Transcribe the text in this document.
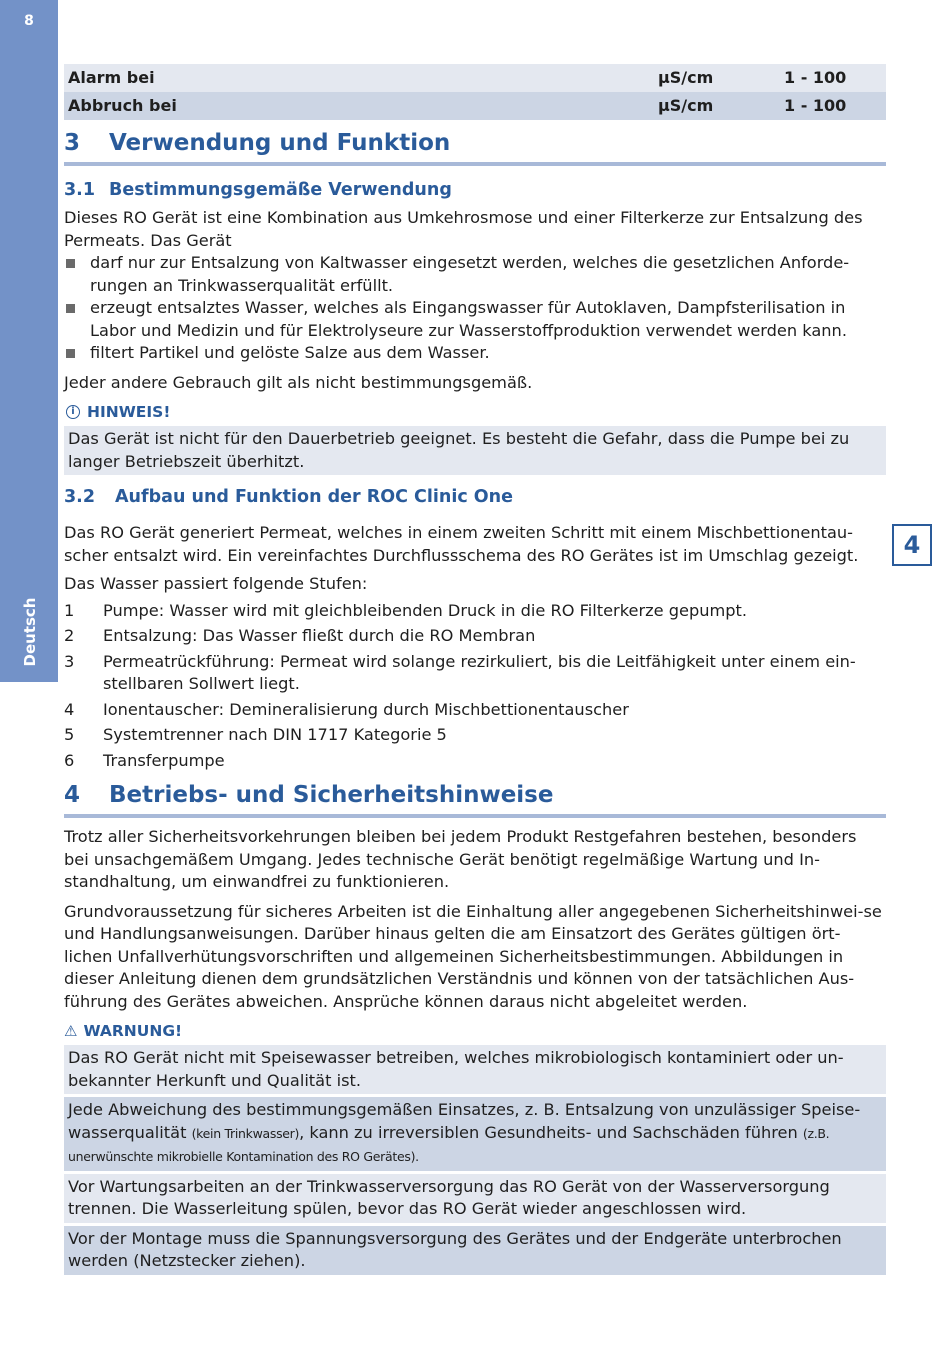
8
Deutsch
4
Alarm bei	µS/cm	1 - 100
Abbruch bei	µS/cm	1 - 100
3	Verwendung und Funktion
3.1 Bestimmungsgemäße Verwendung

Dieses RO Gerät ist eine Kombination aus Umkehrosmose und einer Filterkerze zur Entsalzung des Permeats. Das Gerät

darf nur zur Entsalzung von Kaltwasser eingesetzt werden, welches die gesetzlichen Anforde-rungen an Trinkwasserqualität erfüllt.
erzeugt entsalztes Wasser, welches als Eingangswasser für Autoklaven, Dampfsterilisation in Labor und Medizin und für Elektrolyseure zur Wasserstoffproduktion verwendet werden kann.
filtert Partikel und gelöste Salze aus dem Wasser.

Jeder andere Gebrauch gilt als nicht bestimmungsgemäß.

i HINWEIS!
Das Gerät ist nicht für den Dauerbetrieb geeignet. Es besteht die Gefahr, dass die Pumpe bei zu langer Betriebszeit überhitzt.
3.2	Aufbau und Funktion der ROC Clinic One

Das RO Gerät generiert Permeat, welches in einem zweiten Schritt mit einem Mischbettionentau-scher entsalzt wird. Ein vereinfachtes Durchflussschema des RO Gerätes ist im Umschlag gezeigt.

Das Wasser passiert folgende Stufen:

1	Pumpe: Wasser wird mit gleichbleibenden Druck in die RO Filterkerze gepumpt.
2	Entsalzung: Das Wasser fließt durch die RO Membran
3	Permeatrückführung: Permeat wird solange rezirkuliert, bis die Leitfähigkeit unter einem ein-stellbaren Sollwert liegt.
4	Ionentauscher: Demineralisierung durch Mischbettionentauscher
5	Systemtrenner nach DIN 1717 Kategorie 5
6	Transferpumpe
4	Betriebs- und Sicherheitshinweise

Trotz aller Sicherheitsvorkehrungen bleiben bei jedem Produkt Restgefahren bestehen, besonders bei unsachgemäßem Umgang. Jedes technische Gerät benötigt regelmäßige Wartung und In-standhaltung, um einwandfrei zu funktionieren.

Grundvoraussetzung für sicheres Arbeiten ist die Einhaltung aller angegebenen Sicherheitshinwei-se und Handlungsanweisungen. Darüber hinaus gelten die am Einsatzort des Gerätes gültigen ört-lichen Unfallverhütungsvorschriften und allgemeinen Sicherheitsbestimmungen. Abbildungen in dieser Anleitung dienen dem grundsätzlichen Verständnis und können von der tatsächlichen Aus-führung des Gerätes abweichen. Ansprüche können daraus nicht abgeleitet werden.

⚠ WARNUNG!
Das RO Gerät nicht mit Speisewasser betreiben, welches mikrobiologisch kontaminiert oder un-bekannter Herkunft und Qualität ist.
Jede Abweichung des bestimmungsgemäßen Einsatzes, z. B. Entsalzung von unzulässiger Speise-wasserqualität (kein Trinkwasser), kann zu irreversiblen Gesundheits- und Sachschäden führen (z.B. unerwünschte mikrobielle Kontamination des RO Gerätes).
Vor Wartungsarbeiten an der Trinkwasserversorgung das RO Gerät von der Wasserversorgung trennen. Die Wasserleitung spülen, bevor das RO Gerät wieder angeschlossen wird.
Vor der Montage muss die Spannungsversorgung des Gerätes und der Endgeräte unterbrochen werden (Netzstecker ziehen).
